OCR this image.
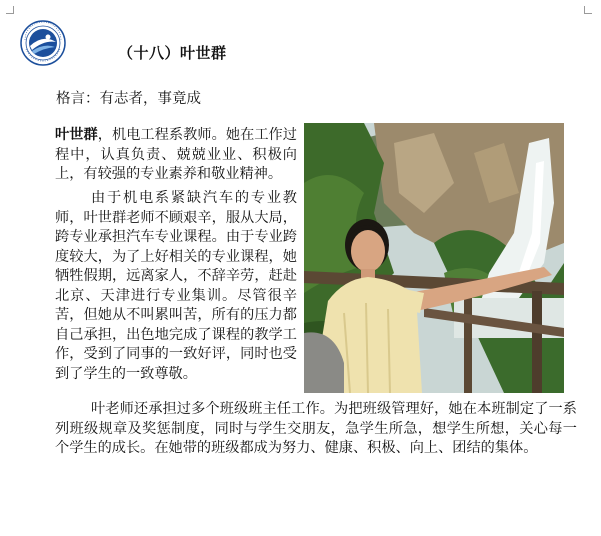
（十八）叶世群
格言：有志者，事竟成

叶世群，机电工程系教师。她在工作过程中，认真负责、兢兢业业、积极向上，有较强的专业素养和敬业精神。

由于机电系紧缺汽车的专业教师，叶世群老师不顾艰辛，服从大局，跨专业承担汽车专业课程。由于专业跨度较大，为了上好相关的专业课程，她牺牲假期，远离家人，不辞辛劳，赶赴北京、天津进行专业集训。尽管很辛苦，但她从不叫累叫苦，所有的压力都自己承担，出色地完成了课程的教学工作，受到了同事的一致好评，同时也受到了学生的一致尊敬。

叶老师还承担过多个班级班主任工作。为把班级管理好，她在本班制定了一系列班级规章及奖惩制度，同时与学生交朋友，急学生所急，想学生所想，关心每一个学生的成长。在她带的班级都成为努力、健康、积极、向上、团结的集体。
